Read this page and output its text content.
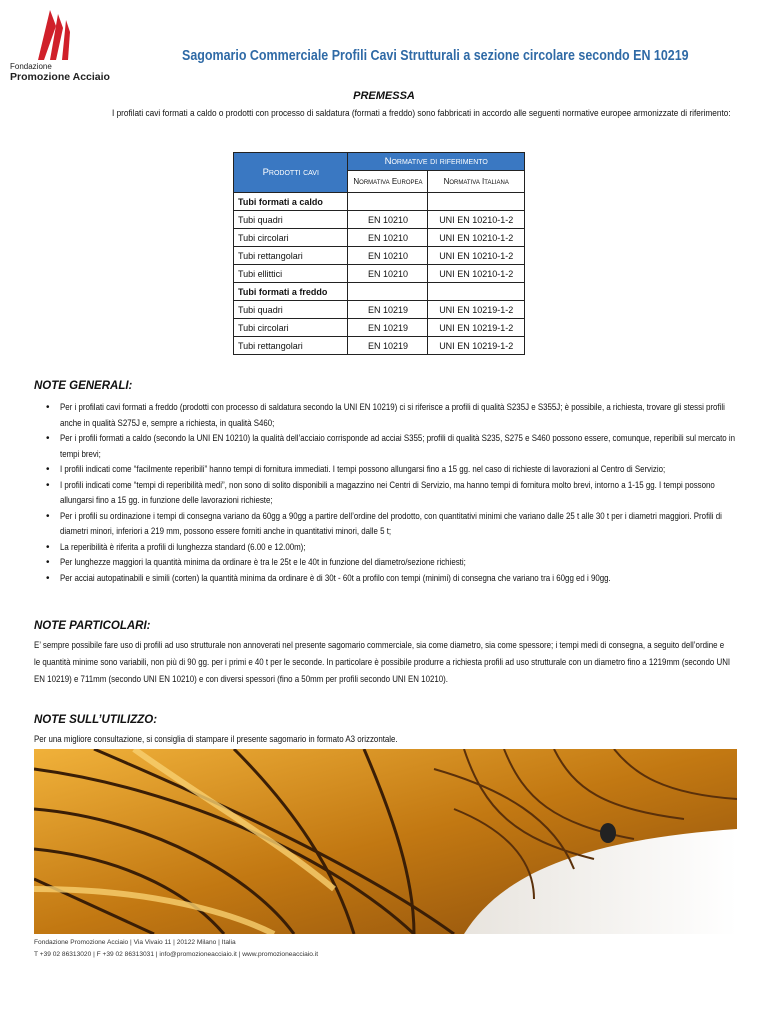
Fondazione
Promozione Acciaio
Sagomario Commerciale Profili Cavi Strutturali a sezione circolare secondo EN 10219
PREMESSA
I profilati cavi formati a caldo o prodotti con processo di saldatura (formati a freddo) sono fabbricati in accordo alle seguenti normative europee armonizzate di riferimento:
Prodotti cavi	Normative di riferimento	
	Normativa Europea	Normativa Italiana
Tubi formati a caldo		
Tubi quadri	EN 10210	UNI EN 10210-1-2
Tubi circolari	EN 10210	UNI EN 10210-1-2
Tubi rettangolari	EN 10210	UNI EN 10210-1-2
Tubi ellittici	EN 10210	UNI EN 10210-1-2
Tubi formati a freddo		
Tubi quadri	EN 10219	UNI EN 10219-1-2
Tubi circolari	EN 10219	UNI EN 10219-1-2
Tubi rettangolari	EN 10219	UNI EN 10219-1-2
NOTE GENERALI:
• Per i profilati cavi formati a freddo (prodotti con processo di saldatura secondo la UNI EN 10219) ci si riferisce a profili di qualità S235J e S355J; è possibile, a richiesta, trovare gli stessi profili anche in qualità S275J e, sempre a richiesta, in qualità S460;
• Per i profili formati a caldo (secondo la UNI EN 10210) la qualità dell’acciaio corrisponde ad acciai S355; profili di qualità S235, S275 e S460 possono essere, comunque, reperibili sul mercato in tempi brevi;
• I profili indicati come “facilmente reperibili” hanno tempi di fornitura immediati. I tempi possono allungarsi fino a 15 gg. nel caso di richieste di lavorazioni al Centro di Servizio;
• I profili indicati come “tempi di reperibilità medi”, non sono di solito disponibili a magazzino nei Centri di Servizio, ma hanno tempi di fornitura molto brevi, intorno a 1-15 gg. I tempi possono allungarsi fino a 15 gg. in funzione delle lavorazioni richieste;
• Per i profili su ordinazione i tempi di consegna variano da 60gg a 90gg a partire dell’ordine del prodotto, con quantitativi minimi che variano dalle 25 t alle 30 t per i diametri maggiori. Profili di diametri minori, inferiori a 219 mm, possono essere forniti anche in quantitativi minori, dalle 5 t;
• La reperibilità è riferita a profili di lunghezza standard (6.00 e 12.00m);
• Per lunghezze maggiori la quantità minima da ordinare è tra le 25t e le 40t in funzione del diametro/sezione richiesti;
• Per acciai autopatinabili e simili (corten) la quantità minima da ordinare è di 30t - 60t a profilo con tempi (minimi) di consegna che variano tra i 60gg ed i 90gg.
NOTE PARTICOLARI:
E’ sempre possibile fare uso di profili ad uso strutturale non annoverati nel presente sagomario commerciale, sia come diametro, sia come spessore; i tempi medi di consegna, a seguito dell’ordine e le quantità minime sono variabili, non più di 90 gg. per i primi e 40 t per le seconde. In particolare è possibile produrre a richiesta profili ad uso strutturale con un diametro fino a 1219mm (secondo UNI EN 10219) e 711mm (secondo UNI EN 10210) e con diversi spessori (fino a 50mm per profili secondo UNI EN 10210).
NOTE SULL’UTILIZZO:
Per una migliore consultazione, si consiglia di stampare il presente sagomario in formato A3 orizzontale.
Fondazione Promozione Acciaio | Via Vivaio 11 | 20122 Milano | Italia
T +39 02 86313020 | F +39 02 86313031 | info@promozioneacciaio.it | www.promozioneacciaio.it
